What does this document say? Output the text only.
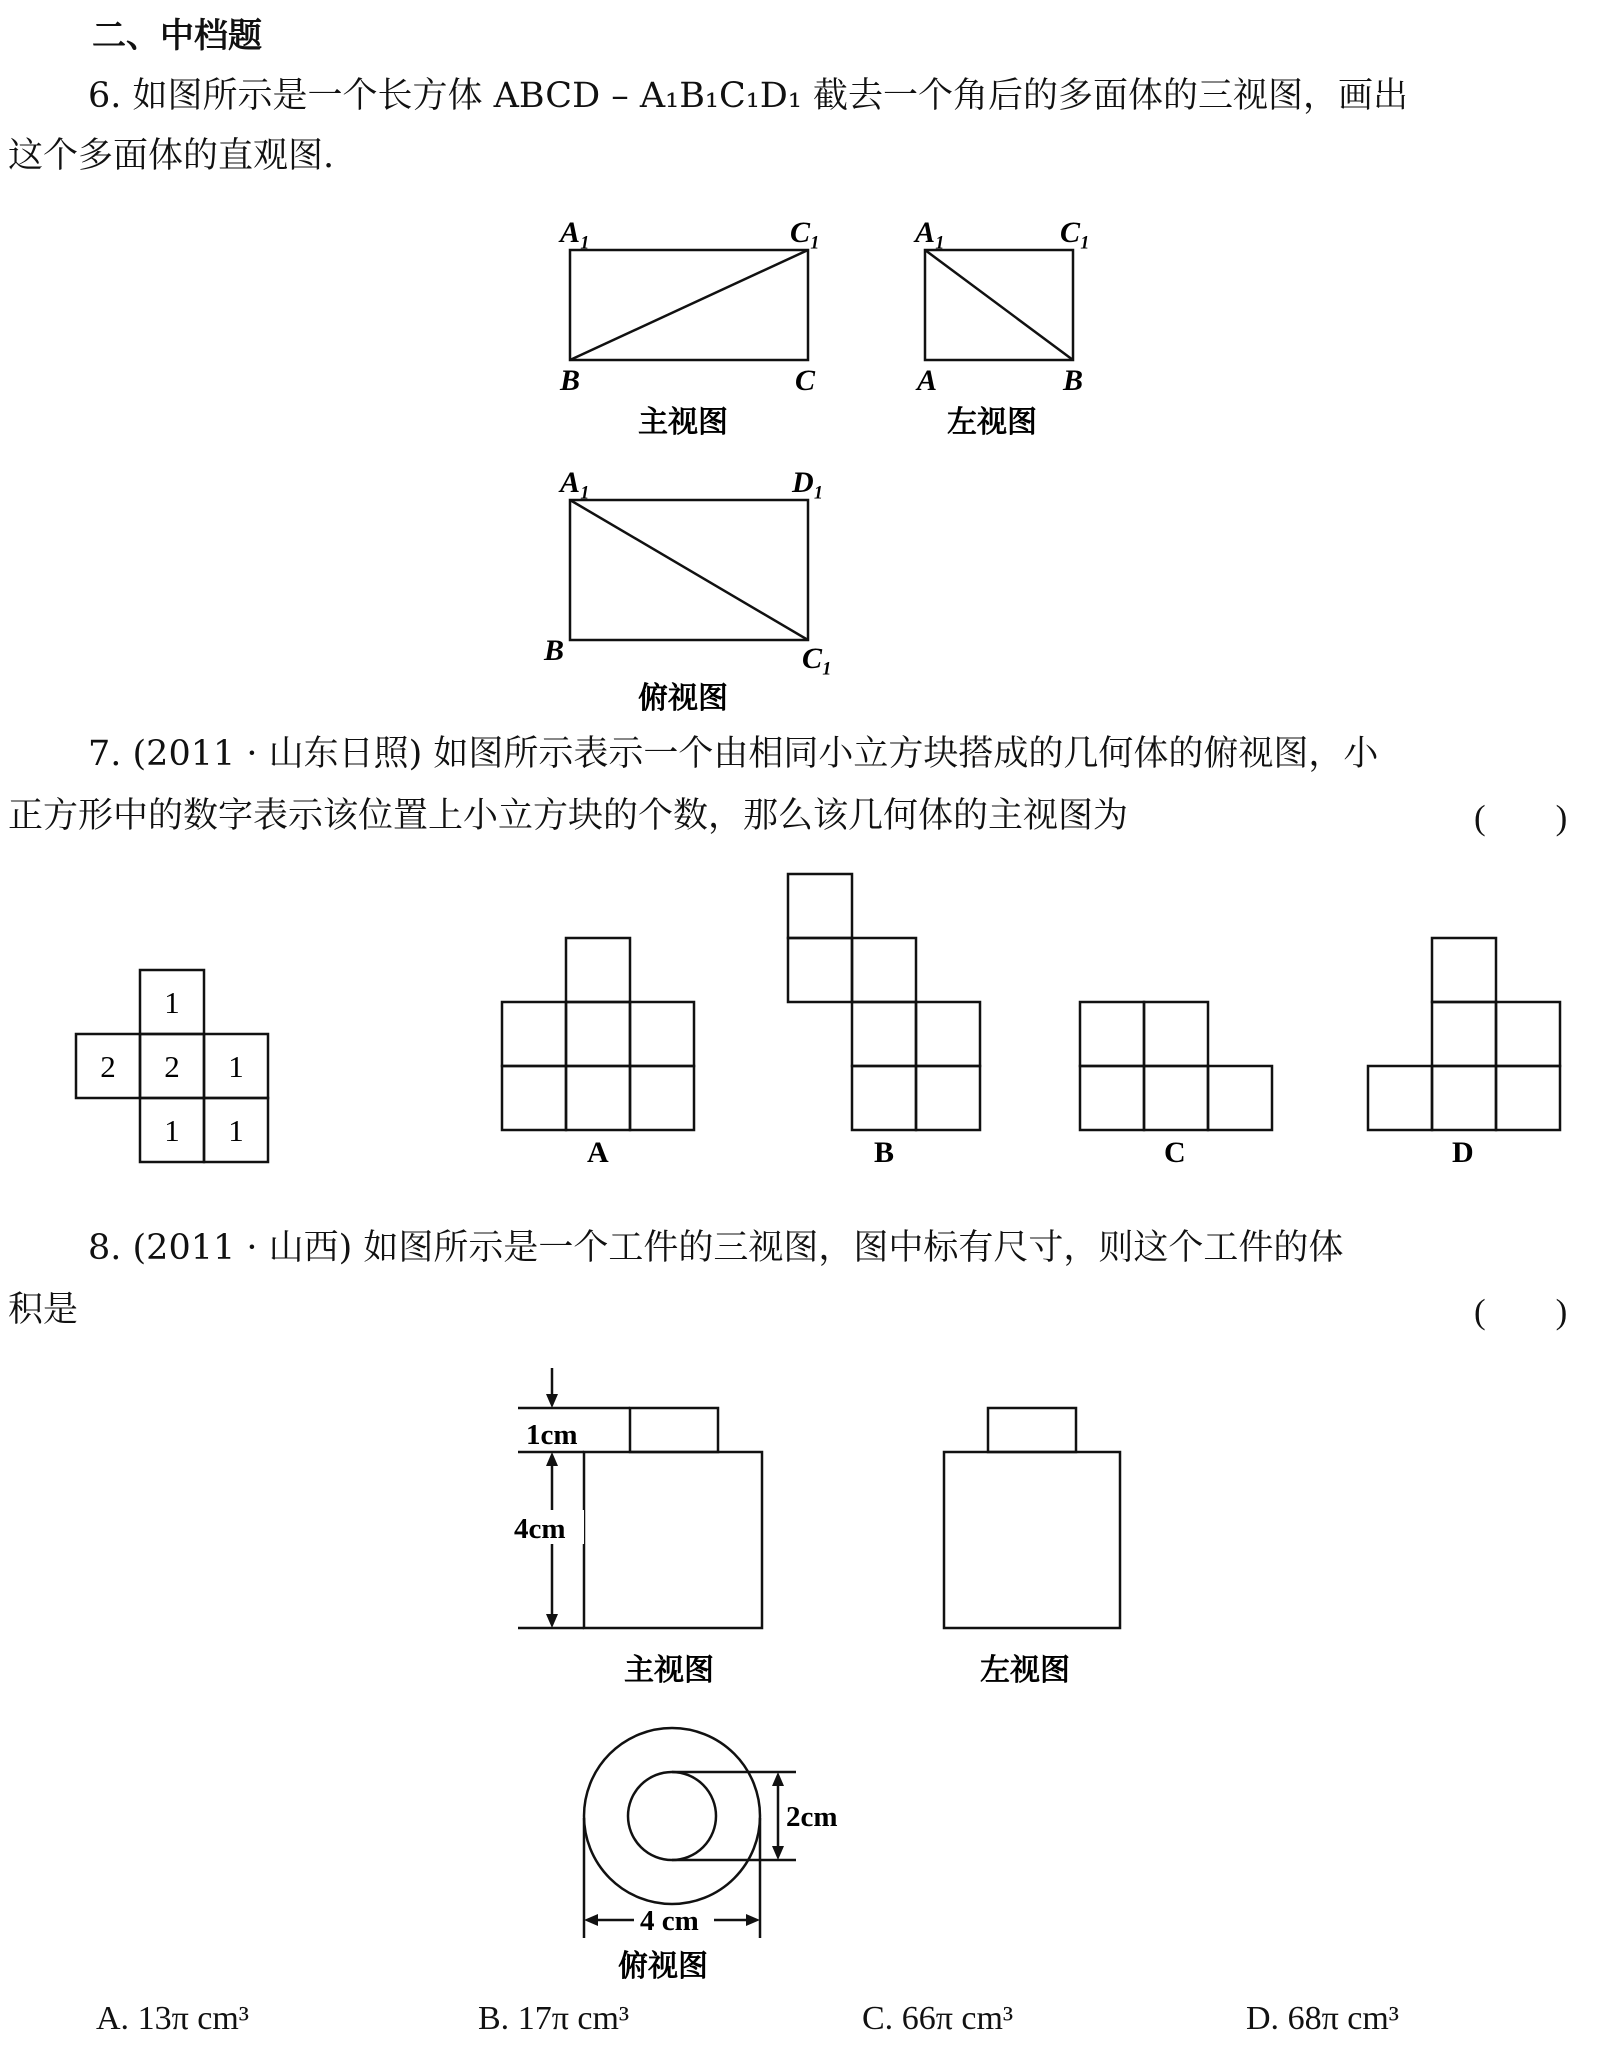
二、中档题
6. 如图所示是一个长方体 ABCD – A₁B₁C₁D₁ 截去一个角后的多面体的三视图，画出
这个多面体的直观图.
A₁	C₁
B	C
主视图
A₁	C₁
A	B
左视图
A₁	D₁
B	C₁
俯视图
7. (2011 · 山东日照) 如图所示表示一个由相同小立方块搭成的几何体的俯视图，小
正方形中的数字表示该位置上小立方块的个数，那么该几何体的主视图为	(　　)
1
2 2 1
1 1
A	B	C	D
8. (2011 · 山西) 如图所示是一个工件的三视图，图中标有尺寸，则这个工件的体
积是	(　　)
1cm
4cm
主视图	左视图
2cm
4 cm
俯视图
A. 13π cm³	B. 17π cm³	C. 66π cm³	D. 68π cm³
